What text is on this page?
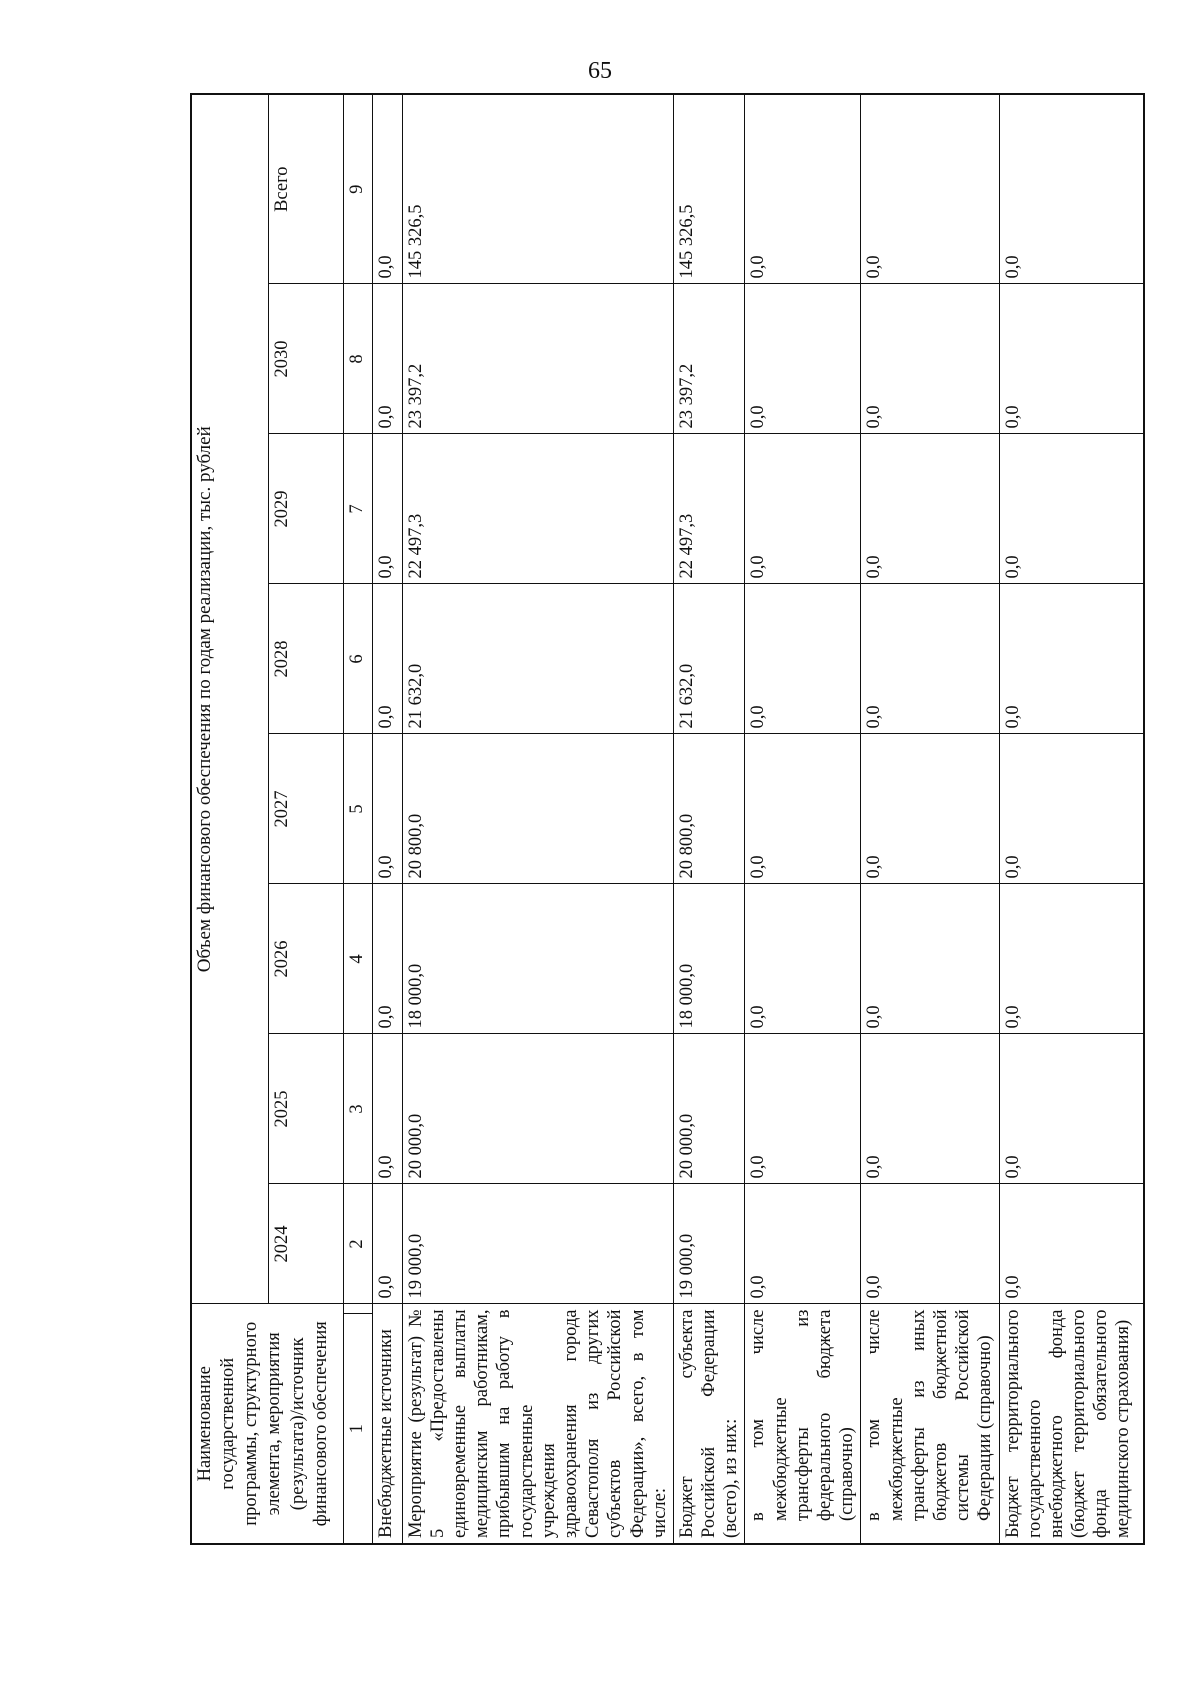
65
Наименование государственной программы, структурного элемента, мероприятия (результата)/источник финансового обеспечения		Объем финансового обеспечения по годам реализации, тыс. рублей							
		2024	2025	2026	2027	2028	2029	2030	Всего
1		2	3	4	5	6	7	8	9
Внебюджетные источники		0,0	0,0	0,0	0,0	0,0	0,0	0,0	0,0
Мероприятие (результат) № 5 «Предоставлены единовременные выплаты медицинским работникам, прибывшим на работу в государственные учреждения здравоохранения города Севастополя из других субъектов Российской Федерации», всего, в том числе:		19 000,0	20 000,0	18 000,0	20 800,0	21 632,0	22 497,3	23 397,2	145 326,5
Бюджет субъекта Российской Федерации (всего), из них:		19 000,0	20 000,0	18 000,0	20 800,0	21 632,0	22 497,3	23 397,2	145 326,5
в том числе межбюджетные трансферты из федерального бюджета (справочно)		0,0	0,0	0,0	0,0	0,0	0,0	0,0	0,0
в том числе межбюджетные трансферты из иных бюджетов бюджетной системы Российской Федерации (справочно)		0,0	0,0	0,0	0,0	0,0	0,0	0,0	0,0
Бюджет территориального государственного внебюджетного фонда (бюджет территориального фонда обязательного медицинского страхования)		0,0	0,0	0,0	0,0	0,0	0,0	0,0	0,0
